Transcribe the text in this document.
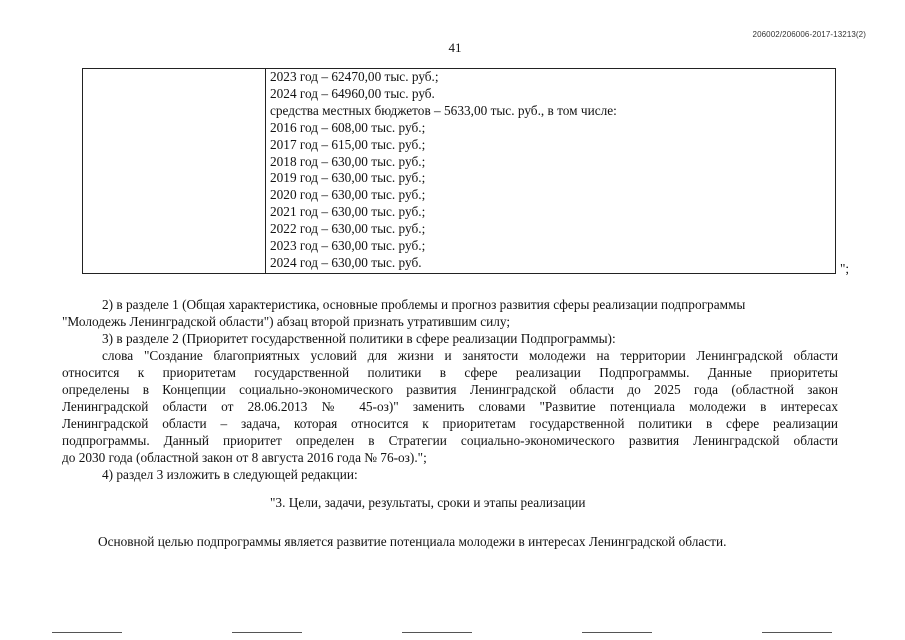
206002/206006-2017-13213(2)
41
2023 год – 62470,00 тыс. руб.;
2024 год – 64960,00 тыс. руб.
средства местных бюджетов – 5633,00 тыс. руб., в том числе:
2016 год – 608,00 тыс. руб.;
2017 год – 615,00 тыс. руб.;
2018 год – 630,00 тыс. руб.;
2019 год – 630,00 тыс. руб.;
2020 год – 630,00 тыс. руб.;
2021 год – 630,00 тыс. руб.;
2022 год – 630,00 тыс. руб.;
2023 год – 630,00 тыс. руб.;
2024 год – 630,00 тыс. руб.	";
2) в разделе 1 (Общая характеристика, основные проблемы и прогноз развития сферы реализации подпрограммы
"Молодежь Ленинградской области") абзац второй признать утратившим силу;
3) в разделе 2 (Приоритет государственной политики в сфере реализации Подпрограммы):
слова "Создание благоприятных условий для жизни и занятости молодежи на территории Ленинградской области
относится к приоритетам государственной политики в сфере реализации Подпрограммы. Данные приоритеты
определены в Концепции социально-экономического развития Ленинградской области до 2025 года (областной закон
Ленинградской области от 28.06.2013 № 45-оз)" заменить словами "Развитие потенциала молодежи в интересах
Ленинградской области – задача, которая относится к приоритетам государственной политики в сфере реализации
подпрограммы. Данный приоритет определен в Стратегии социально-экономического развития Ленинградской области
до 2030 года (областной закон от 8 августа 2016 года № 76-оз).";
4) раздел 3 изложить в следующей редакции:
"3. Цели, задачи, результаты, сроки и этапы реализации
Основной целью подпрограммы является развитие потенциала молодежи в интересах Ленинградской области.
